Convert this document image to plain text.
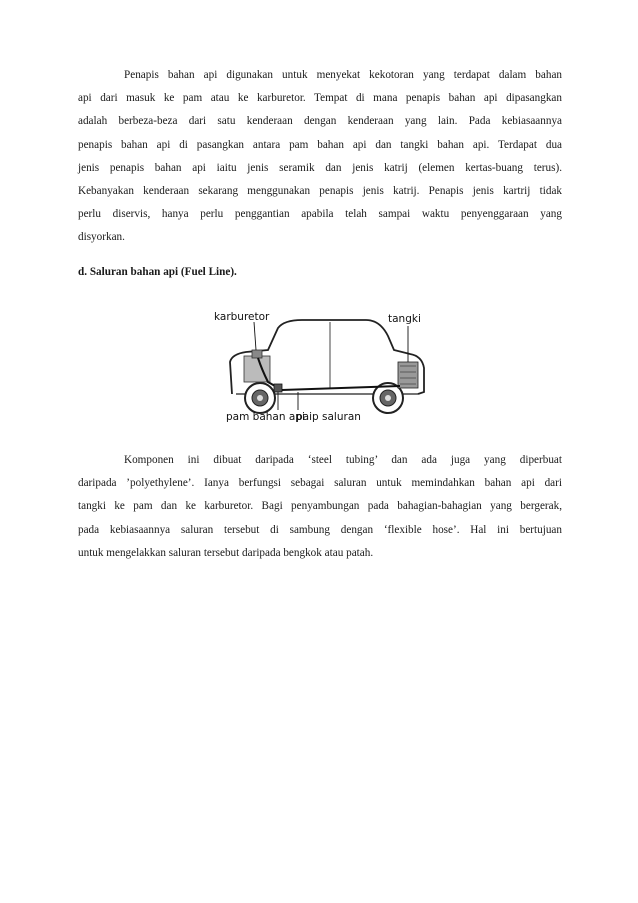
Penapis bahan api digunakan untuk menyekat kekotoran yang terdapat dalam bahan
api dari masuk ke pam atau ke karburetor. Tempat di mana penapis bahan api dipasangkan
adalah berbeza-beza dari satu kenderaan dengan kenderaan yang lain. Pada kebiasaannya
penapis bahan api di pasangkan antara pam bahan api dan tangki bahan api. Terdapat dua
jenis penapis bahan api iaitu jenis seramik dan jenis katrij (elemen kertas-buang terus).
Kebanyakan kenderaan sekarang menggunakan penapis jenis katrij. Penapis jenis kartrij tidak
perlu diservis, hanya perlu penggantian apabila telah sampai waktu penyenggaraan yang
disyorkan.

d. Saluran bahan api (Fuel Line).

karburetor	tangki
pam bahan api
paip saluran
Komponen ini dibuat daripada ‘steel tubing’ dan ada juga yang diperbuat
daripada ’polyethylene’. Ianya berfungsi sebagai saluran untuk memindahkan bahan api dari
tangki ke pam dan ke karburetor. Bagi penyambungan pada bahagian-bahagian yang bergerak,
pada kebiasaannya saluran tersebut di sambung dengan ‘flexible hose’. Hal ini bertujuan
untuk mengelakkan saluran tersebut daripada bengkok atau patah.
